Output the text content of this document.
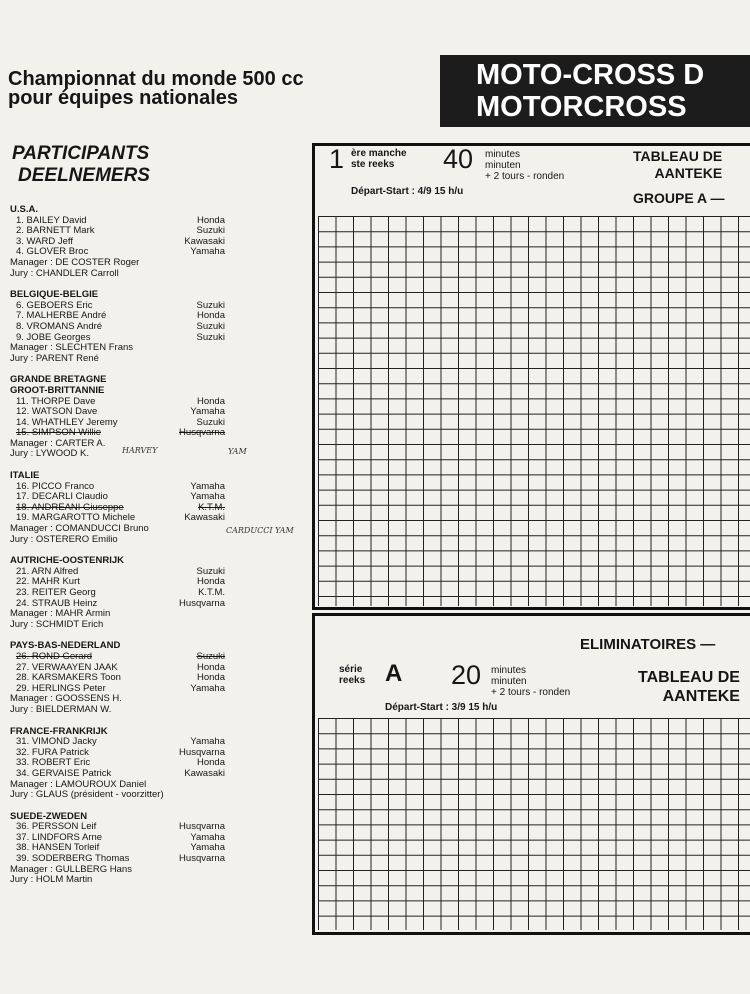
Championnat du monde 500 cc
pour équipes nationales
PARTICIPANTS
DEELNEMERS
MOTO-CROSS D
MOTORCROSS
U.S.A.
1. BAILEY David	Honda
2. BARNETT Mark	Suzuki
3. WARD Jeff	Kawasaki
4. GLOVER Broc	Yamaha
Manager : DE COSTER Roger
Jury : CHANDLER Carroll
BELGIQUE-BELGIE
6. GEBOERS Eric	Suzuki
7. MALHERBE André	Honda
8. VROMANS André	Suzuki
9. JOBE Georges	Suzuki
Manager : SLECHTEN Frans
Jury : PARENT René
GRANDE BRETAGNE
GROOT-BRITTANNIE
11. THORPE Dave	Honda
12. WATSON Dave	Yamaha
14. WHATHLEY Jeremy	Suzuki
15. SIMPSON Willie	Husqvarna
Manager : CARTER A.
Jury : LYWOOD K.
ITALIE
16. PICCO Franco	Yamaha
17. DECARLI Claudio	Yamaha
18. ANDREANI Giuseppe	K.T.M.
19. MARGAROTTO Michele	Kawasaki
Manager : COMANDUCCI Bruno
Jury : OSTERERO Emilio
AUTRICHE-OOSTENRIJK
21. ARN Alfred	Suzuki
22. MAHR Kurt	Honda
23. REITER Georg	K.T.M.
24. STRAUB Heinz	Husqvarna
Manager : MAHR Armin
Jury : SCHMIDT Erich
PAYS-BAS-NEDERLAND
26. ROND Gerard	Suzuki
27. VERWAAYEN JAAK	Honda
28. KARSMAKERS Toon	Honda
29. HERLINGS Peter	Yamaha
Manager : GOOSSENS H.
Jury : BIELDERMAN W.
FRANCE-FRANKRIJK
31. VIMOND Jacky	Yamaha
32. FURA Patrick	Husqvarna
33. ROBERT Eric	Honda
34. GERVAISE Patrick	Kawasaki
Manager : LAMOUROUX Daniel
Jury : GLAUS (président - voorzitter)
SUEDE-ZWEDEN
36. PERSSON Leif	Husqvarna
37. LINDFORS Arne	Yamaha
38. HANSEN Torleif	Yamaha
39. SODERBERG Thomas	Husqvarna
Manager : GULLBERG Hans
Jury : HOLM Martin
HARVEY	YAM
CARDUCCI YAM
1 ère manche
ste reeks	40 minutes
minuten
+ 2 tours - ronden
Départ-Start : 4/9 15 h/u
TABLEAU DE
AANTEKE
GROUPE A —
ELIMINATOIRES —
série
reeks A 20 minutes
minuten
+ 2 tours - ronden
Départ-Start : 3/9 15 h/u
TABLEAU DE
AANTEKE
